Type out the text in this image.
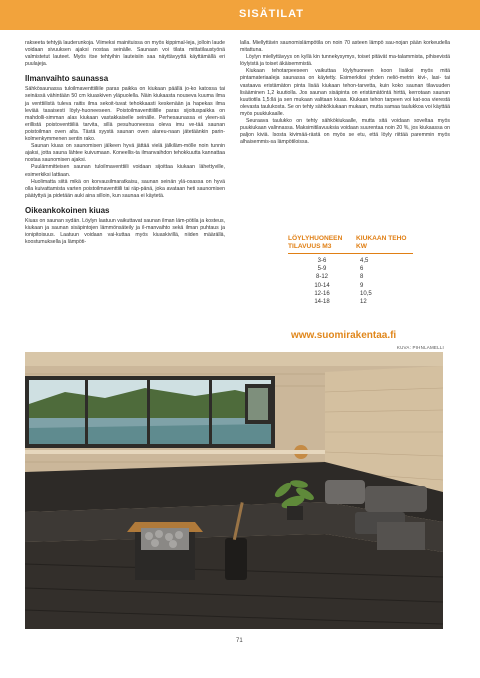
SISÄTILAT

rakseeta tehtyjä lauderunkoja. Viimeksi mainituissa on myös kippimal-leja, jolloin laude voidaan sivuuksen ajaksi nostaa seinälle. Saunaan voi tilata mittatilaustyönä valmistetut lauteet. Myös itse tehtyihin lauteisiin saa näyttävyyttä käyttämällä eri puulajeja.

Ilmanvaihto saunassa

Sähkösaunassa tuloilmaventtiiliile paras paikka on kiukaan päällä jo-ko katossa tai seinässä vähintään 50 cm kiuaskiven yläpuolella. Näin kiukaasta nouseva kuuma ilma ja venttiilistä tuleva raitis ilma sekoit-tuvat tehokkaasti keskenään ja hapekas ilma leviää tasaisesti löyly-huoneeseen. Poistoilmaventtiilille paras sijoituspaikka on mahdolli-simman alas kiukaan vastakkaiselle seinälle. Perhesaunassa ei yleen-sä erillistä poistoventtiiliä tarvita, sillä pesuhuoneessa oleva imu ve-tää saunan poistoilman oven alta. Tästä syystä saunan oven alareu-naan jätetäänkin parin-kolmenkymmenen sentin rako.

Saunan kiuas on saunomisen jälkeen hyvä jättää vielä jälkiläm-mölle noin tunnin ajaksi, jotta sauna lähtee kuivumaan. Koneellis-ta ilmanvaihdon tehokkuutta kannattaa nostaa saunomisen ajaksi.

Puulämmitteisen saunan tuloilmaventtiili voidaan sijoittaa kiukaan lähettyville, esimerkiksi lattiaan.

Huolimatta siitä mikä on korvausilmaratkaisu, saunan seinän ylä-osassa on hyvä olla kuivattamista varten poistoilmaventtiili tai räp-pänä, joka avataan heti saunomisen päätyttyä ja pidetään auki aina silloin, kun saunaa ei käytetä.

Oikeankokoinen kiuas

Kiuas on saunan sydän. Löylyn laatuun vaikuttavat saunan ilman läm-pötila ja kosteus, kiukaan ja saunan sisäpintojen lämmönsäteily ja il-manvaihto sekä ilman puhtaus ja ionipitoisuus. Laatuun voidaan vai-kuttaa myös kiuaskivillä, niiden määrällä, koostumuksella ja lämpöti-

lalla. Miellyttävin saunomislämpötila on noin 70 asteen lämpö sau-nojan pään korkeudella mitattuna.

Löylyn miellyttävyys on kyllä kin tunnekysymys, toiset pitävät ma-talammista, pihisevistä löylyistä ja toiset äkäisemmistä.

Kiukaan tehotarpeeseen vaikuttaa löylyhuoneen koon lisäksi myös mitä pintamateriaaleja saunassa on käytetty. Esimerkiksi yhden neliö-metrin kivi-, lasi- tai vastaava eristämäton pinta lisää kiukaan tehon-tarvetta, kuin koko saunan tilavuuden lisääminen 1,2 kuutiolla. Jos saunan sisäpinta on eristämätöntä hirttä, kerrotaan saunan kuutiotila 1,5:llä ja sen mukaan valitaan kiuas. Kiukaan tehon tarpeen voi kat-soa vierestä olevasta taulukosta. Se on tehty sähkökiukaan mukaan, mutta samaa taulukkoa voi käyttää myös puukiukaalle.

Seuraava taulukko on tehty sähkökiukaalle, mutta sitä voidaan soveltaa myös puukiukaan valinnassa. Maksimitilavuuksia voidaan suurentaa noin 20 %, jos kiukaassa on paljon kiviä. Isosta kivimää-rästä on myös se etu, että löyly riittää paremmin myös alhaisemmis-sa lämpötiloissa.

LÖYLYHUONEEN
TILAVUUS M3
KIUKAAN TEHO
KW
3-6	4,5
5-9	6
8-12	8
10-14	9
12-16	10,5
14-18	12
www.suomirakentaa.fi
KUVA: PIHNLAMELLI
71
